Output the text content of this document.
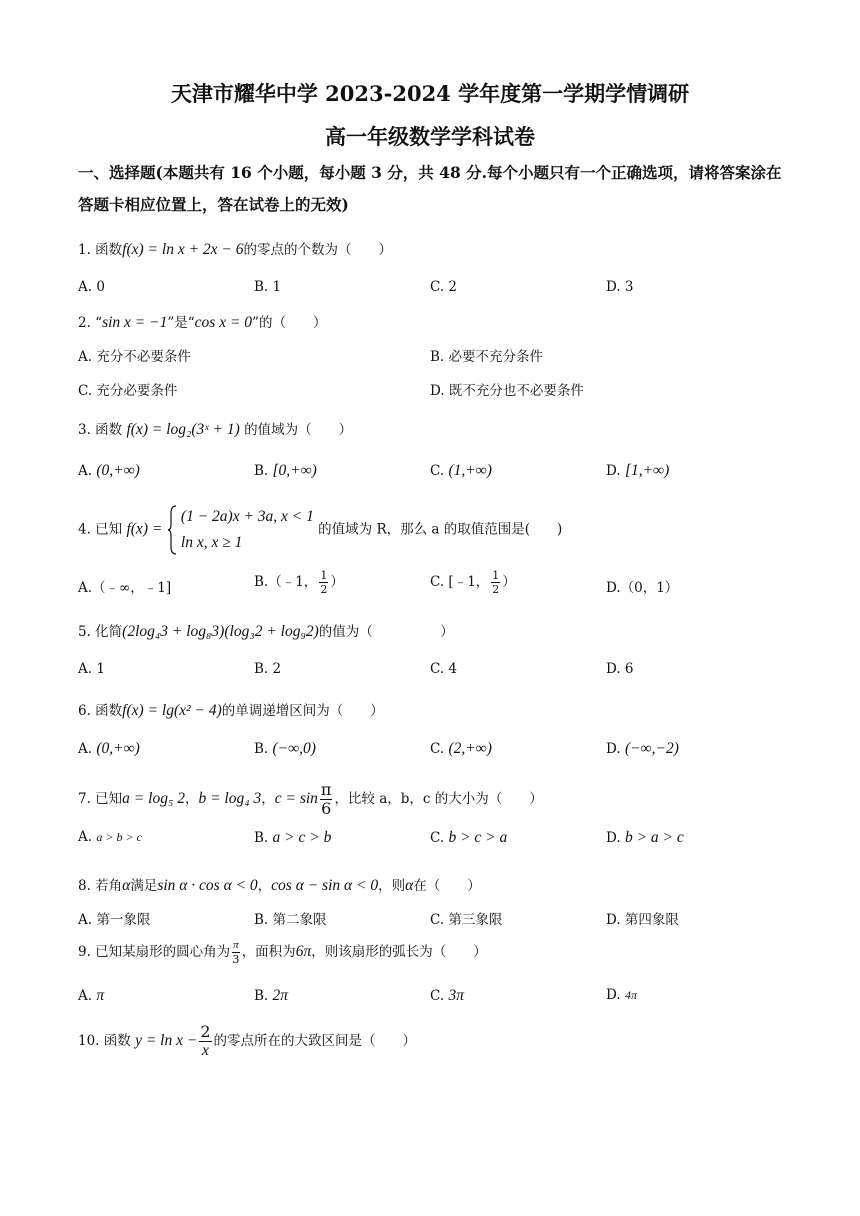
天津市耀华中学 2023-2024 学年度第一学期学情调研
高一年级数学学科试卷
一、选择题(本题共有 16 个小题，每小题 3 分，共 48 分.每个小题只有一个正确选项，请将答案涂在答题卡相应位置上，答在试卷上的无效)
1. 函数f(x) = ln x + 2x − 6的零点的个数为（　　）
A. 0	B. 1	C. 2	D. 3
2. “sin x = −1”是“cos x = 0”的（　　）
A. 充分不必要条件	B. 必要不充分条件
C. 充分必要条件	D. 既不充分也不必要条件
3. 函数 f(x) = log₂(3ˣ + 1) 的值域为（　　）
A. (0,+∞)	B. [0,+∞)	C. (1,+∞)	D. [1,+∞)
4. 已知 f(x) =
(1 − 2a)x + 3a, x < 1
ln x, x ≥ 1
的值域为 R，那么 a 的取值范围是(　　)
A.（﹣∞，﹣1]	B.（﹣1， $\frac{1}{2}$ ）	C. [﹣1， $\frac{1}{2}$ ）	D.（0，1）
5. 化简(2log₄3 + log₈3)(log₃2 + log₉2)的值为（　　　　　）
A. 1	B. 2	C. 4	D. 6
6. 函数f(x) = lg(x² − 4)的单调递增区间为（　　）
A. (0,+∞)	B. (−∞,0)	C. (2,+∞)	D. (−∞,−2)
7. 已知a = log₅ 2，b = log₄ 3，$c = \sin \frac{\pi}{6}$ ，比较 a，b，c 的大小为（　　）
A. a > b > c	B. a > c > b	C. b > c > a	D. b > a > c
8. 若角α满足sin α · cos α < 0，cos α − sin α < 0，则α在（　　）
A. 第一象限	B. 第二象限	C. 第三象限	D. 第四象限
9. 已知某扇形的圆心角为 $\frac{\pi}{3}$ ，面积为6π，则该扇形的弧长为（　　）
A. π	B. 2π	C. 3π	D. 4π
10. 函数 $y = \ln x - \frac{2}{x}$ 的零点所在的大致区间是（　　）
